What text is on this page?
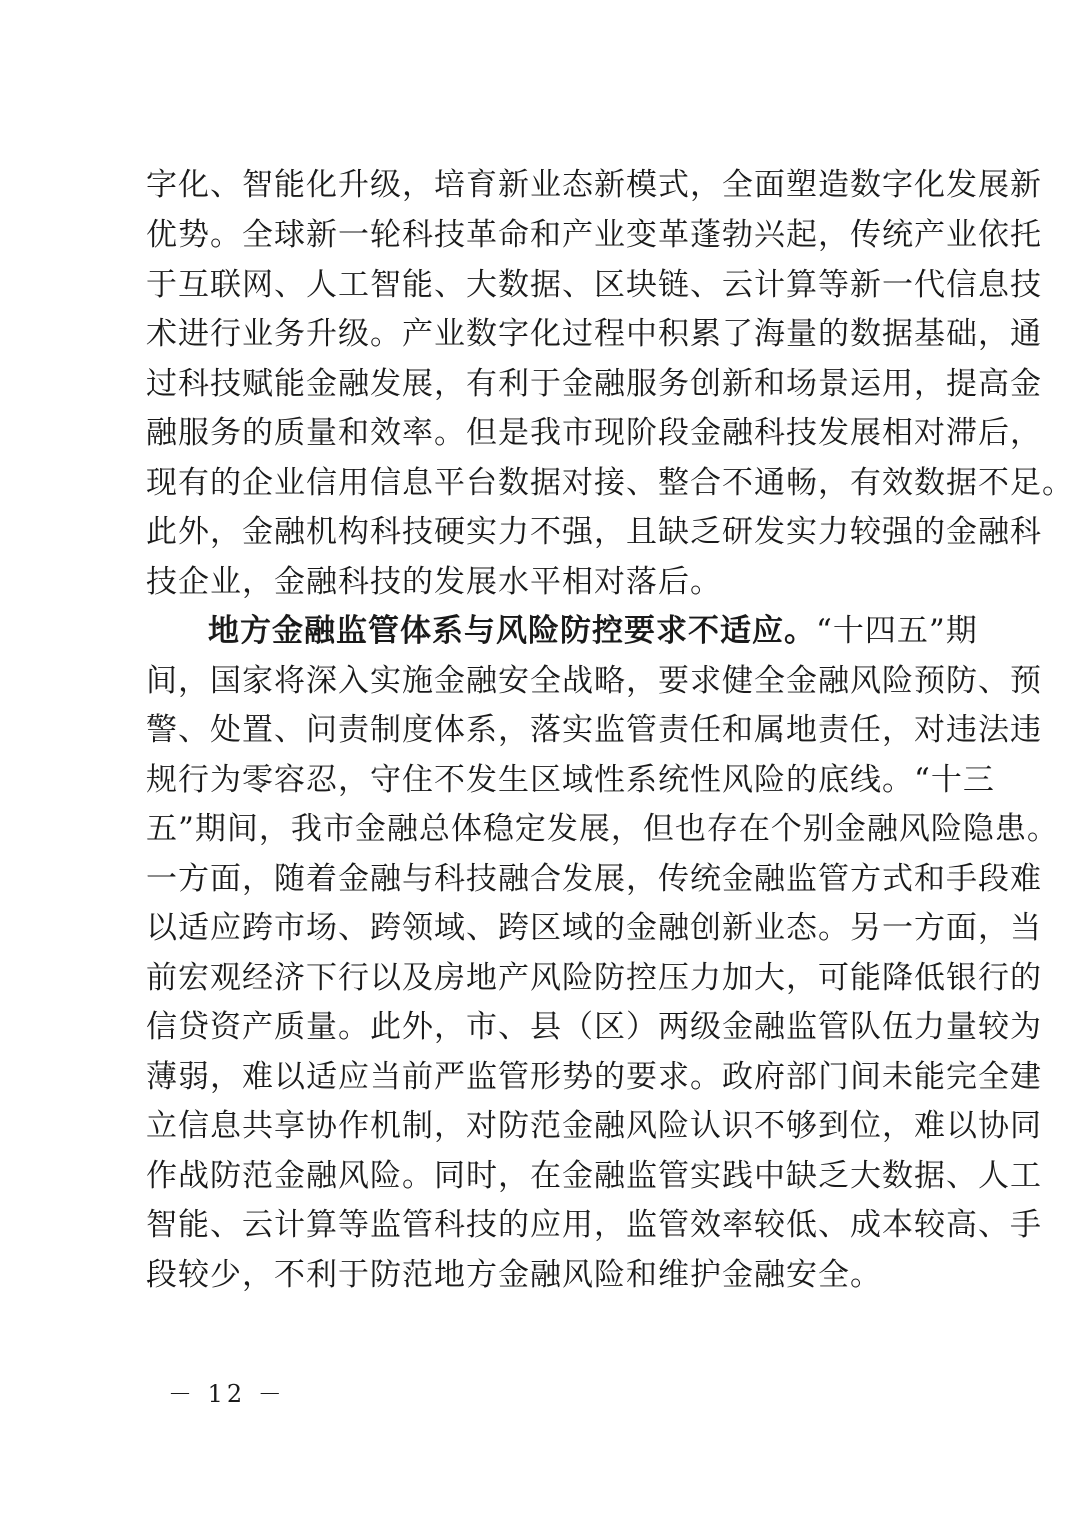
字化、智能化升级，培育新业态新模式，全面塑造数字化发展新
优势。全球新一轮科技革命和产业变革蓬勃兴起，传统产业依托
于互联网、人工智能、大数据、区块链、云计算等新一代信息技
术进行业务升级。产业数字化过程中积累了海量的数据基础，通
过科技赋能金融发展，有利于金融服务创新和场景运用，提高金
融服务的质量和效率。但是我市现阶段金融科技发展相对滞后，
现有的企业信用信息平台数据对接、整合不通畅，有效数据不足。
此外，金融机构科技硬实力不强，且缺乏研发实力较强的金融科
技企业，金融科技的发展水平相对落后。
地方金融监管体系与风险防控要求不适应。“十四五”期
间，国家将深入实施金融安全战略，要求健全金融风险预防、预
警、处置、问责制度体系，落实监管责任和属地责任，对违法违
规行为零容忍，守住不发生区域性系统性风险的底线。“十三
五”期间，我市金融总体稳定发展，但也存在个别金融风险隐患。
一方面，随着金融与科技融合发展，传统金融监管方式和手段难
以适应跨市场、跨领域、跨区域的金融创新业态。另一方面，当
前宏观经济下行以及房地产风险防控压力加大，可能降低银行的
信贷资产质量。此外，市、县（区）两级金融监管队伍力量较为
薄弱，难以适应当前严监管形势的要求。政府部门间未能完全建
立信息共享协作机制，对防范金融风险认识不够到位，难以协同
作战防范金融风险。同时，在金融监管实践中缺乏大数据、人工
智能、云计算等监管科技的应用，监管效率较低、成本较高、手
段较少，不利于防范地方金融风险和维护金融安全。
－ 12 －
